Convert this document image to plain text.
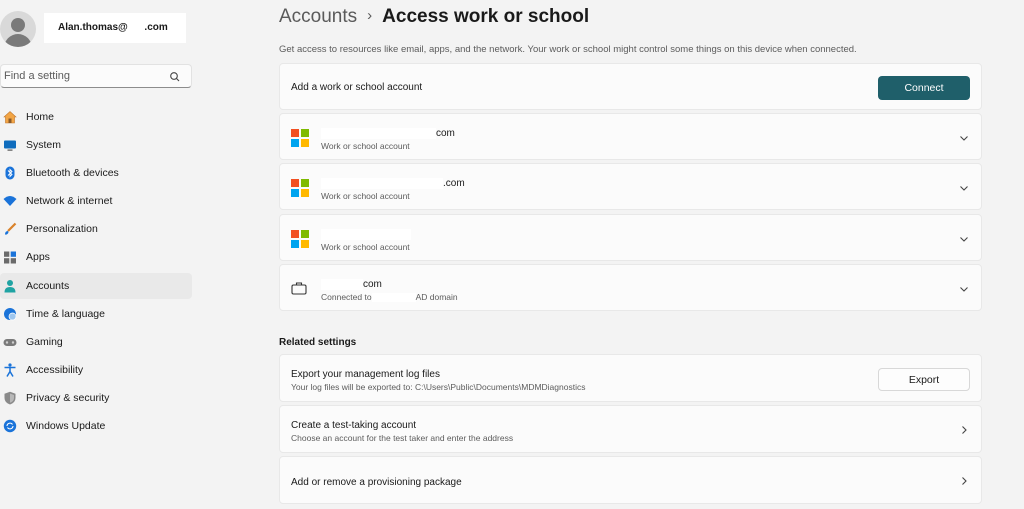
Alan.thomas@      .com
Find a setting
Home
System
Bluetooth & devices
Network & internet
Personalization
Apps
Accounts
Time & language
Gaming
Accessibility
Privacy & security
Windows Update
Accounts › Access work or school
Get access to resources like email, apps, and the network. Your work or school might control some things on this device when connected.
Add a work or school account	Connect
com
Work or school account
.com
Work or school account
Work or school account
com
Connected to	AD domain
Related settings
Export your management log files
Your log files will be exported to: C:\Users\Public\Documents\MDMDiagnostics
Export
Create a test-taking account
Choose an account for the test taker and enter the address
Add or remove a provisioning package
